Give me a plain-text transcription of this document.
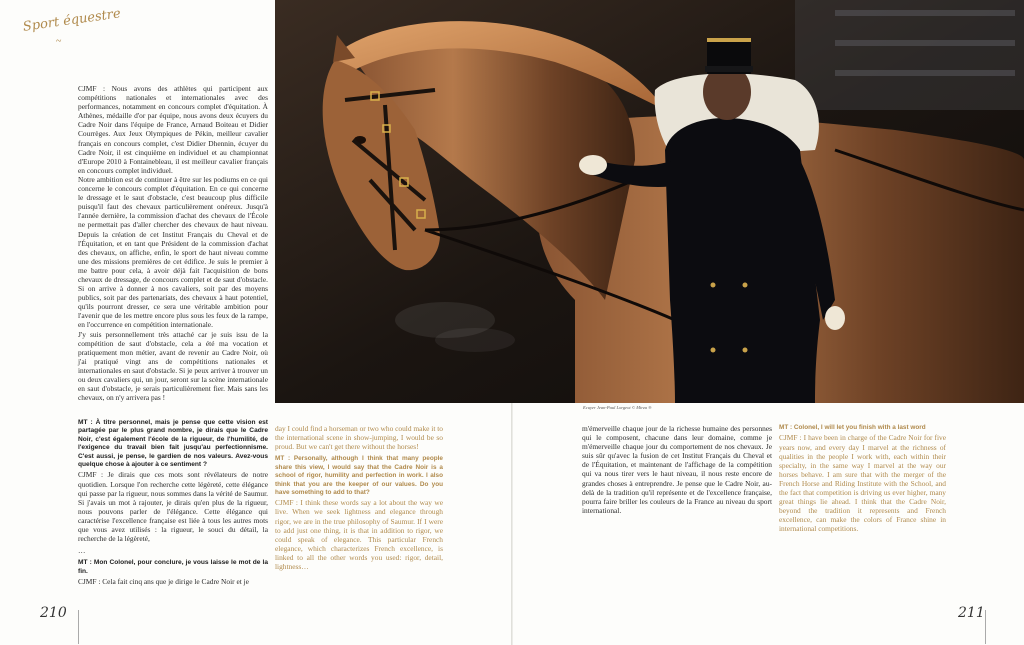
Sport équestre
~
Ecuyer Jean-Paul Lorgeot © Mirza ®

CJMF : Nous avons des athlètes qui participent aux compétitions nationales et internationales avec des performances, notamment en concours complet d'équitation. À Athènes, médaille d'or par équipe, nous avons deux écuyers du Cadre Noir dans l'équipe de France, Arnaud Boiteau et Didier Courrèges. Aux Jeux Olympiques de Pékin, meilleur cavalier français en concours complet, c'est Didier Dhennin, écuyer du Cadre Noir, il est cinquième en individuel et au championnat d'Europe 2010 à Fontainebleau, il est meilleur cavalier français en concours complet individuel.

Notre ambition est de continuer à être sur les podiums en ce qui concerne le concours complet d'équitation. En ce qui concerne le dressage et le saut d'obstacle, c'est beaucoup plus difficile puisqu'il faut des chevaux particulièrement onéreux. Jusqu'à l'année dernière, la commission d'achat des chevaux de l'École ne permettait pas d'aller chercher des chevaux de haut niveau. Depuis la création de cet Institut Français du Cheval et de l'Équitation, et en tant que Président de la commission d'achat des chevaux, on affiche, enfin, le sport de haut niveau comme une des missions premières de cet édifice. Je suis le premier à me battre pour cela, à avoir déjà fait l'acquisition de bons chevaux de dressage, de concours complet et de saut d'obstacle. Si on arrive à donner à nos cavaliers, soit par des moyens publics, soit par des partenariats, des chevaux à haut potentiel, qu'ils pourront dresser, ce sera une véritable ambition pour l'avenir que de les mettre encore plus sous les feux de la rampe, en l'occurrence en compétition internationale.

J'y suis personnellement très attaché car je suis issu de la compétition de saut d'obstacle, cela a été ma vocation et pratiquement mon métier, avant de revenir au Cadre Noir, où j'ai pratiqué vingt ans de compétitions nationales et internationales en saut d'obstacle. Si je peux arriver à trouver un ou deux cavaliers qui, un jour, seront sur la scène internationale en saut d'obstacle, je serais particulièrement fier. Mais sans les chevaux, on n'y arrivera pas !

MT : À titre personnel, mais je pense que cette vision est partagée par le plus grand nombre, je dirais que le Cadre Noir, c'est également l'école de la rigueur, de l'humilité, de l'exigence du travail bien fait jusqu'au perfectionnisme. C'est aussi, je pense, le gardien de nos valeurs. Avez-vous quelque chose à ajouter à ce sentiment ?

CJMF : Je dirais que ces mots sont révélateurs de notre quotidien. Lorsque l'on recherche cette légèreté, cette élégance qui passe par la rigueur, nous sommes dans la vérité de Saumur. Si j'avais un mot à rajouter, je dirais qu'en plus de la rigueur, nous pouvons parler de l'élégance. Cette élégance qui caractérise l'excellence française est liée à tous les autres mots que vous avez utilisés : la rigueur, le souci du détail, la recherche de la légèreté,

…

MT : Mon Colonel, pour conclure, je vous laisse le mot de la fin.

CJMF : Cela fait cinq ans que je dirige le Cadre Noir et je

210

day I could find a horseman or two who could make it to the international scene in show-jumping, I would be so proud. But we can't get there without the horses!

MT : Personally, although I think that many people share this view, I would say that the Cadre Noir is a school of rigor, humility and perfection in work. I also think that you are the keeper of our values. Do you have something to add to that?

CJMF : I think these words say a lot about the way we live. When we seek lightness and elegance through rigor, we are in the true philosophy of Saumur. If I were to add just one thing, it is that in addition to rigor, we could speak of elegance. This particular French elegance, which characterizes French excellence, is linked to all the other words you used: rigor, detail, lightness…

m'émerveille chaque jour de la richesse humaine des personnes qui le composent, chacune dans leur domaine, comme je m'émerveille chaque jour du comportement de nos chevaux. Je suis sûr qu'avec la fusion de cet Institut Français du Cheval et de l'Équitation, et maintenant de l'affichage de la compétition qui va nous tirer vers le haut niveau, il nous reste encore de grandes choses à entreprendre. Je pense que le Cadre Noir, au-delà de la tradition qu'il représente et de l'excellence française, pourra faire briller les couleurs de la France au niveau du sport international.

MT : Colonel, I will let you finish with a last word

CJMF : I have been in charge of the Cadre Noir for five years now, and every day I marvel at the richness of qualities in the people I work with, each within their specialty, in the same way I marvel at the way our horses behave. I am sure that with the merger of the French Horse and Riding Institute with the School, and the fact that competition is driving us ever higher, many great things lie ahead. I think that the Cadre Noir, beyond the tradition it represents and French excellence, can make the colors of France shine in international competitions.

211
